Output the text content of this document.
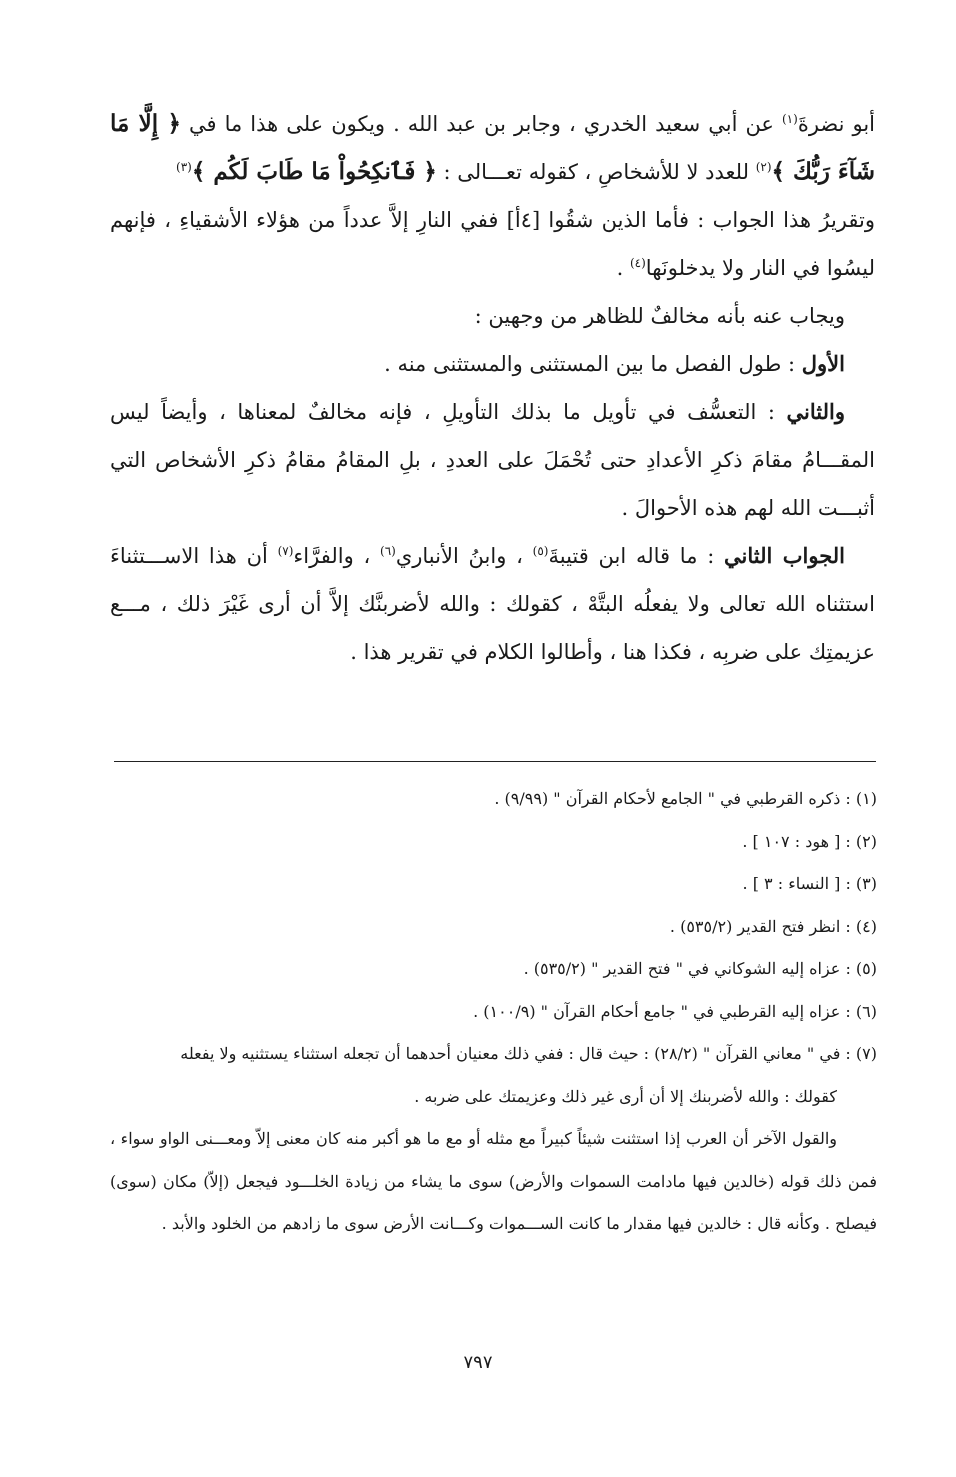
أبو نضرةَ$^{(١)}$ عن أبي سعيد الخدري ، وجابر بن عبد الله . ويكون على هذا ما في ﴿ إِلَّا مَا شَآءَ رَبُّكَ ﴾$^{(٢)}$ للعدد لا للأشخاصِ ، كقوله تعـــالى : ﴿ فَٱنكِحُواْ مَا طَابَ لَكُم ﴾$^{(٣)}$

وتقريرُ هذا الجواب : فأما الذين شقُوا [٤أ] ففي النارِ إلاَّ عدداً من هؤلاء الأشقياءِ ، فإنهم ليسُوا في النار ولا يدخلونَها$^{(٤)}$ .

ويجاب عنه بأنه مخالفٌ للظاهر من وجهين :

الأول : طول الفصل ما بين المستثنى والمستثنى منه .

والثاني : التعسُّف في تأويل ما بذلك التأويلِ ، فإنه مخالفٌ لمعناها ، وأيضاً ليس المقـــامُ مقامَ ذكرِ الأعدادِ حتى تُحْمَلَ على العددِ ، بلِ المقامُ مقامُ ذكرِ الأشخاص التي أثبـــت الله لهم هذه الأحوالَ .

الجواب الثاني : ما قاله ابن قتيبةَ$^{(٥)}$ ، وابنُ الأنباري$^{(٦)}$ ، والفرَّاء$^{(٧)}$ أن هذا الاســـتثناءَ استثناه الله تعالى ولا يفعلُه البتَّهْ ، كقولك : والله لأضربنَّك إلاَّ أن أرى غَيْرَ ذلك ، مـــع عزيمتِك على ضربِه ، فكذا هنا ، وأطالوا الكلام في تقرير هذا .

(١) : ذكره القرطبي في " الجامع لأحكام القرآن " (٩/٩٩) .

(٢) : [ هود : ١٠٧ ] .

(٣) : [ النساء : ٣ ] .

(٤) : انظر فتح القدير (٥٣٥/٢) .

(٥) : عزاه إليه الشوكاني في " فتح القدير " (٥٣٥/٢) .

(٦) : عزاه إليه القرطبي في " جامع أحكام القرآن " (١٠٠/٩) .

(٧) : في " معاني القرآن " (٢٨/٢) : حيث قال : ففي ذلك معنيان أحدهما أن تجعله استثناء يستثنيه ولا يفعله

كقولك : والله لأضربنك إلا أن أرى غير ذلك وعزيمتك على ضربه .

والقول الآخر أن العرب إذا استثنت شيئاً كبيراً مع مثله أو مع ما هو أكبر منه كان معنى إلاّ ومعـــنى الواو سواء ، فمن ذلك قوله (خالدين فيها مادامت السموات والأرض) سوى ما يشاء من زيادة الخلـــود فيجعل (إلاّ) مكان (سوى) فيصلح . وكأنه قال : خالدين فيها مقدار ما كانت الســـموات وكـــانت الأرض سوى ما زادهم من الخلود والأبد .

٧٩٧
